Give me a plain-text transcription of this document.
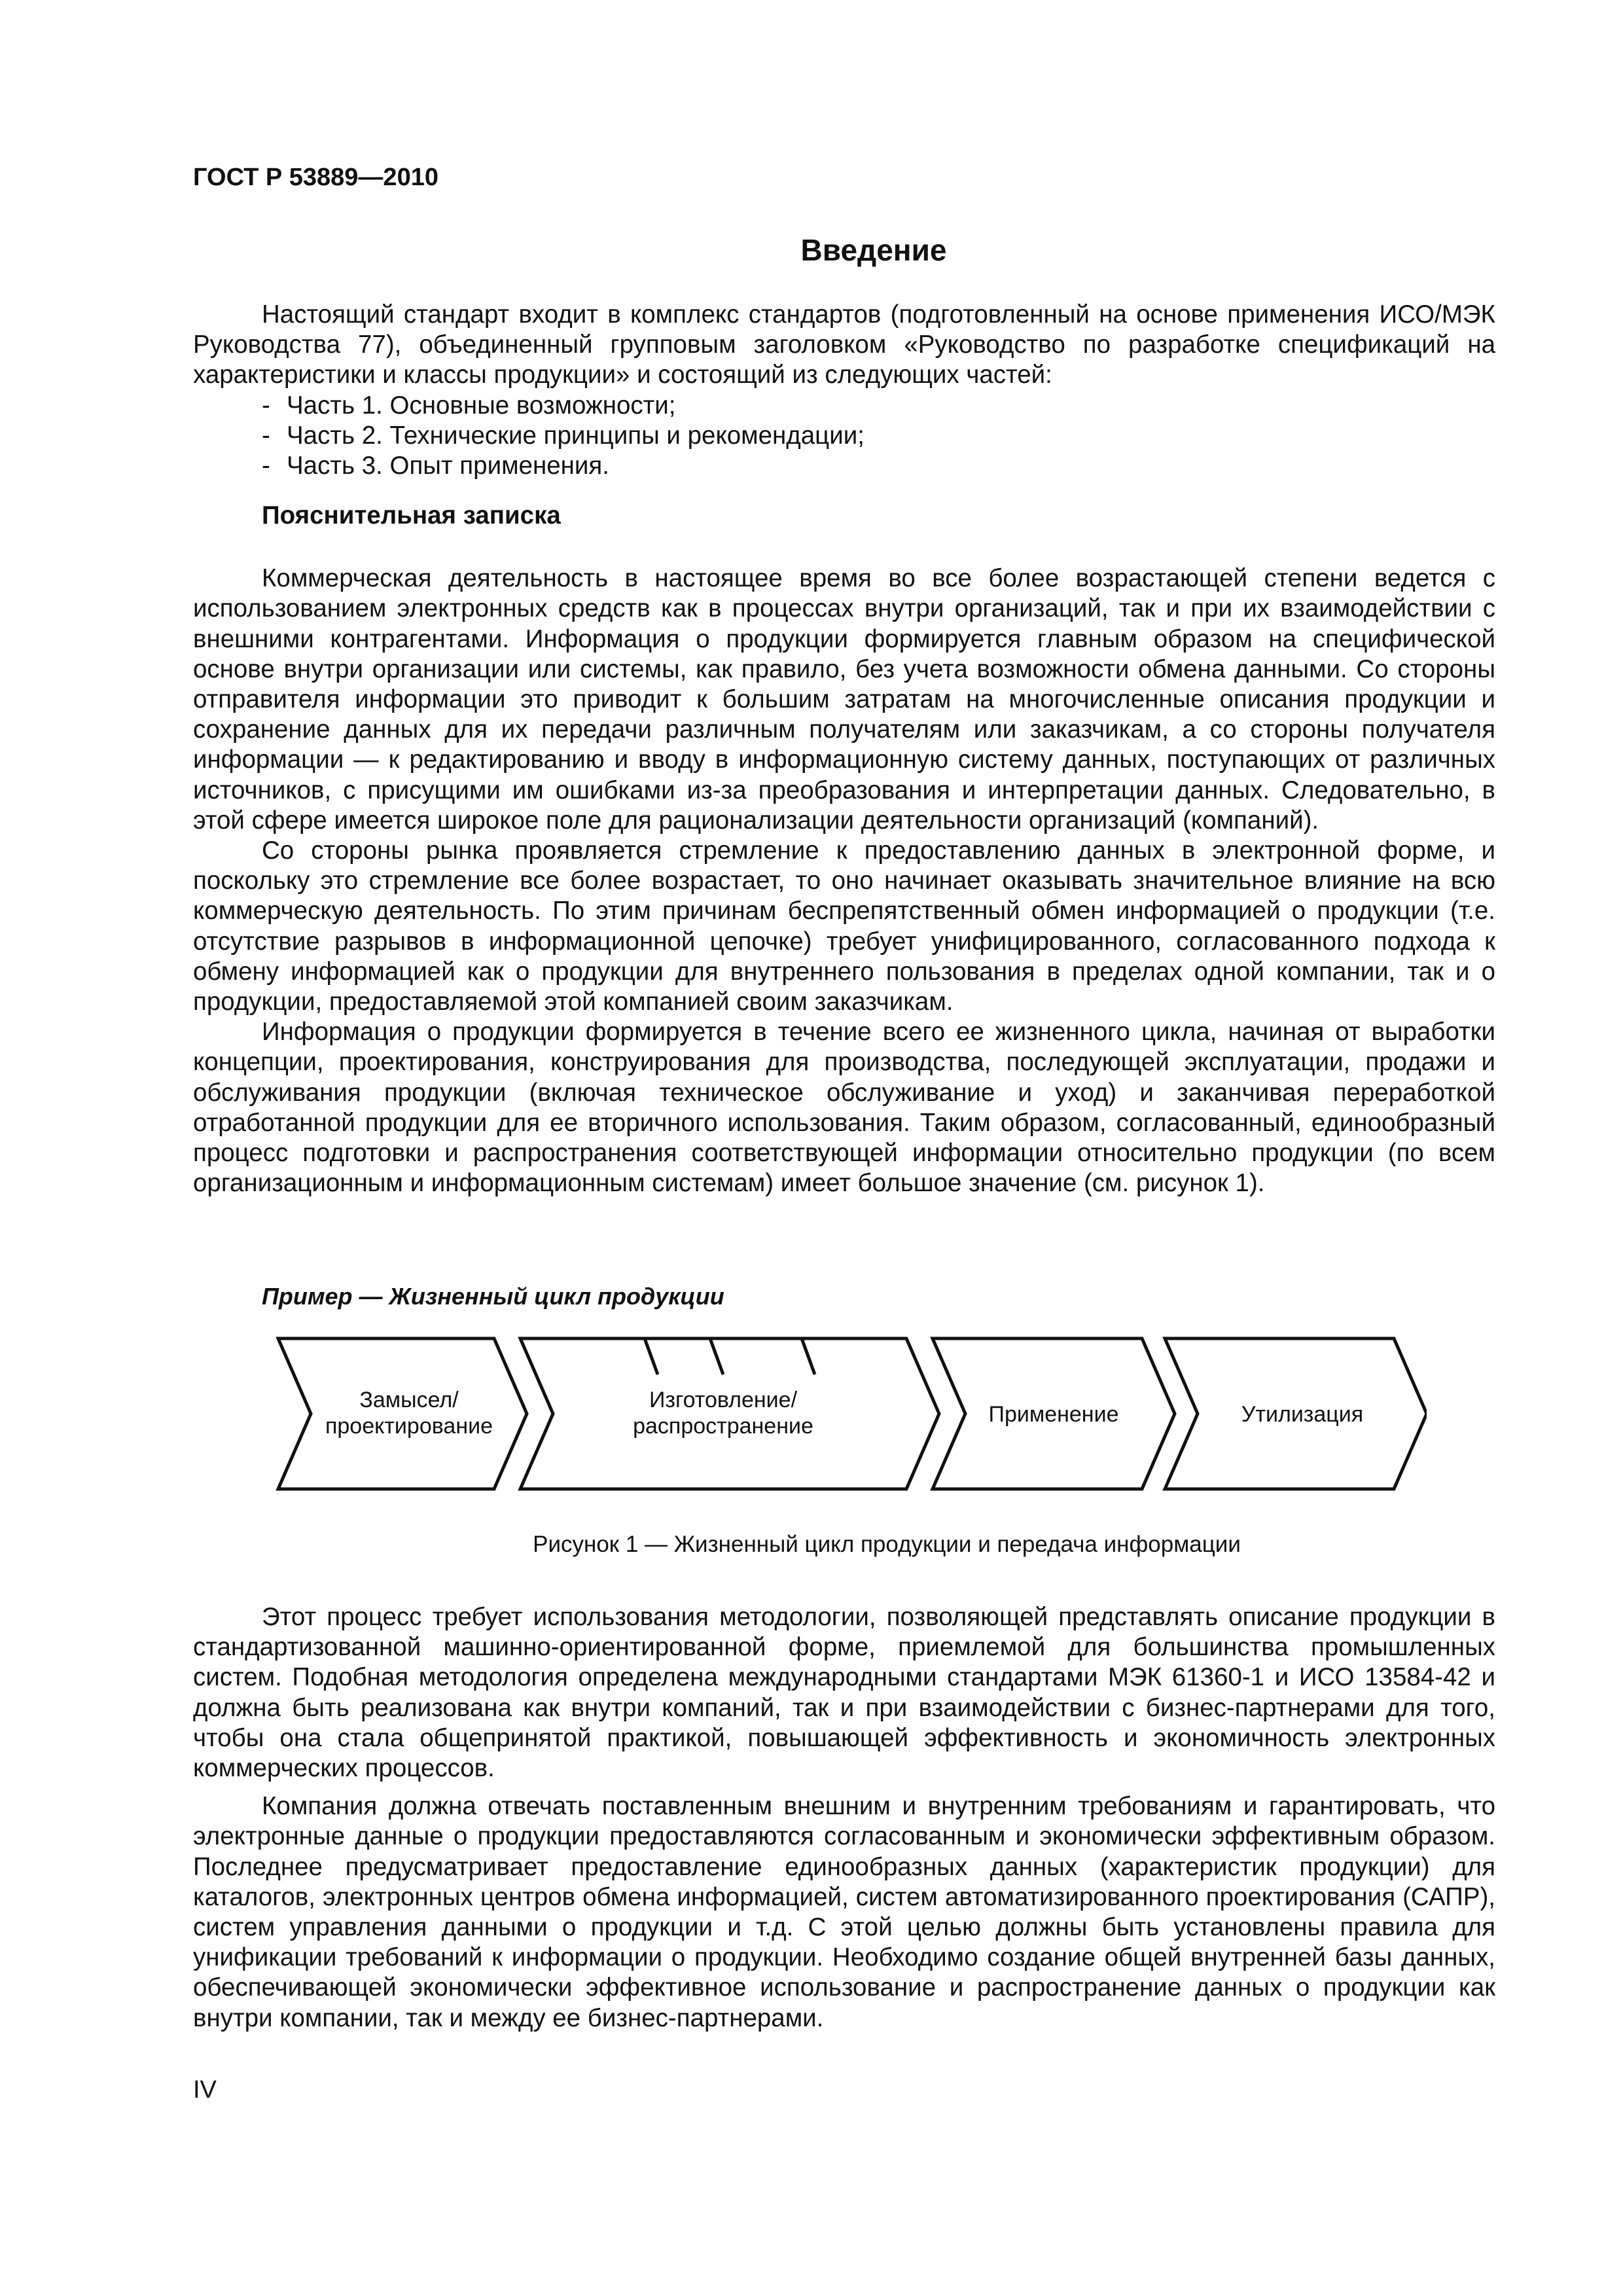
ГОСТ Р 53889—2010
Введение

Настоящий стандарт входит в комплекс стандартов (подготовленный на основе применения ИСО/МЭК Руководства 77), объединенный групповым заголовком «Руководство по разработке спецификаций на характеристики и классы продукции» и состоящий из следующих частей:

- Часть 1. Основные возможности;
- Часть 2. Технические принципы и рекомендации;
- Часть 3. Опыт применения.
Пояснительная записка

Коммерческая деятельность в настоящее время во все более возрастающей степени ведется с использованием электронных средств как в процессах внутри организаций, так и при их взаимодействии с внешними контрагентами. Информация о продукции формируется главным образом на специфической основе внутри организации или системы, как правило, без учета возможности обмена данными. Со стороны отправителя информации это приводит к большим затратам на многочисленные описания продукции и сохранение данных для их передачи различным получателям или заказчикам, а со стороны получателя информации — к редактированию и вводу в информационную систему данных, поступающих от различных источников, с присущими им ошибками из-за преобразования и интерпретации данных. Следовательно, в этой сфере имеется широкое поле для рационализации деятельности организаций (компаний).

Со стороны рынка проявляется стремление к предоставлению данных в электронной форме, и поскольку это стремление все более возрастает, то оно начинает оказывать значительное влияние на всю коммерческую деятельность. По этим причинам беспрепятственный обмен информацией о продукции (т.е. отсутствие разрывов в информационной цепочке) требует унифицированного, согласованного подхода к обмену информацией как о продукции для внутреннего пользования в пределах одной компании, так и о продукции, предоставляемой этой компанией своим заказчикам.

Информация о продукции формируется в течение всего ее жизненного цикла, начиная от выработки концепции, проектирования, конструирования для производства, последующей эксплуатации, продажи и обслуживания продукции (включая техническое обслуживание и уход) и заканчивая переработкой отработанной продукции для ее вторичного использования. Таким образом, согласованный, единообразный процесс подготовки и распространения соответствующей информации относительно продукции (по всем организационным и информационным системам) имеет большое значение (см. рисунок 1).

Пример — Жизненный цикл продукции
Замысел/
проектирование
Изготовление/
распространение	Применение	Утилизация
Рисунок 1 — Жизненный цикл продукции и передача информации

Этот процесс требует использования методологии, позволяющей представлять описание продукции в стандартизованной машинно-ориентированной форме, приемлемой для большинства промышленных систем. Подобная методология определена международными стандартами МЭК 61360-1 и ИСО 13584-42 и должна быть реализована как внутри компаний, так и при взаимодействии с бизнес-партнерами для того, чтобы она стала общепринятой практикой, повышающей эффективность и экономичность электронных коммерческих процессов.

Компания должна отвечать поставленным внешним и внутренним требованиям и гарантировать, что электронные данные о продукции предоставляются согласованным и экономически эффективным образом. Последнее предусматривает предоставление единообразных данных (характеристик продукции) для каталогов, электронных центров обмена информацией, систем автоматизированного проектирования (САПР), систем управления данными о продукции и т.д. С этой целью должны быть установлены правила для унификации требований к информации о продукции. Необходимо создание общей внутренней базы данных, обеспечивающей экономически эффективное использование и распространение данных о продукции как внутри компании, так и между ее бизнес-партнерами.

IV
